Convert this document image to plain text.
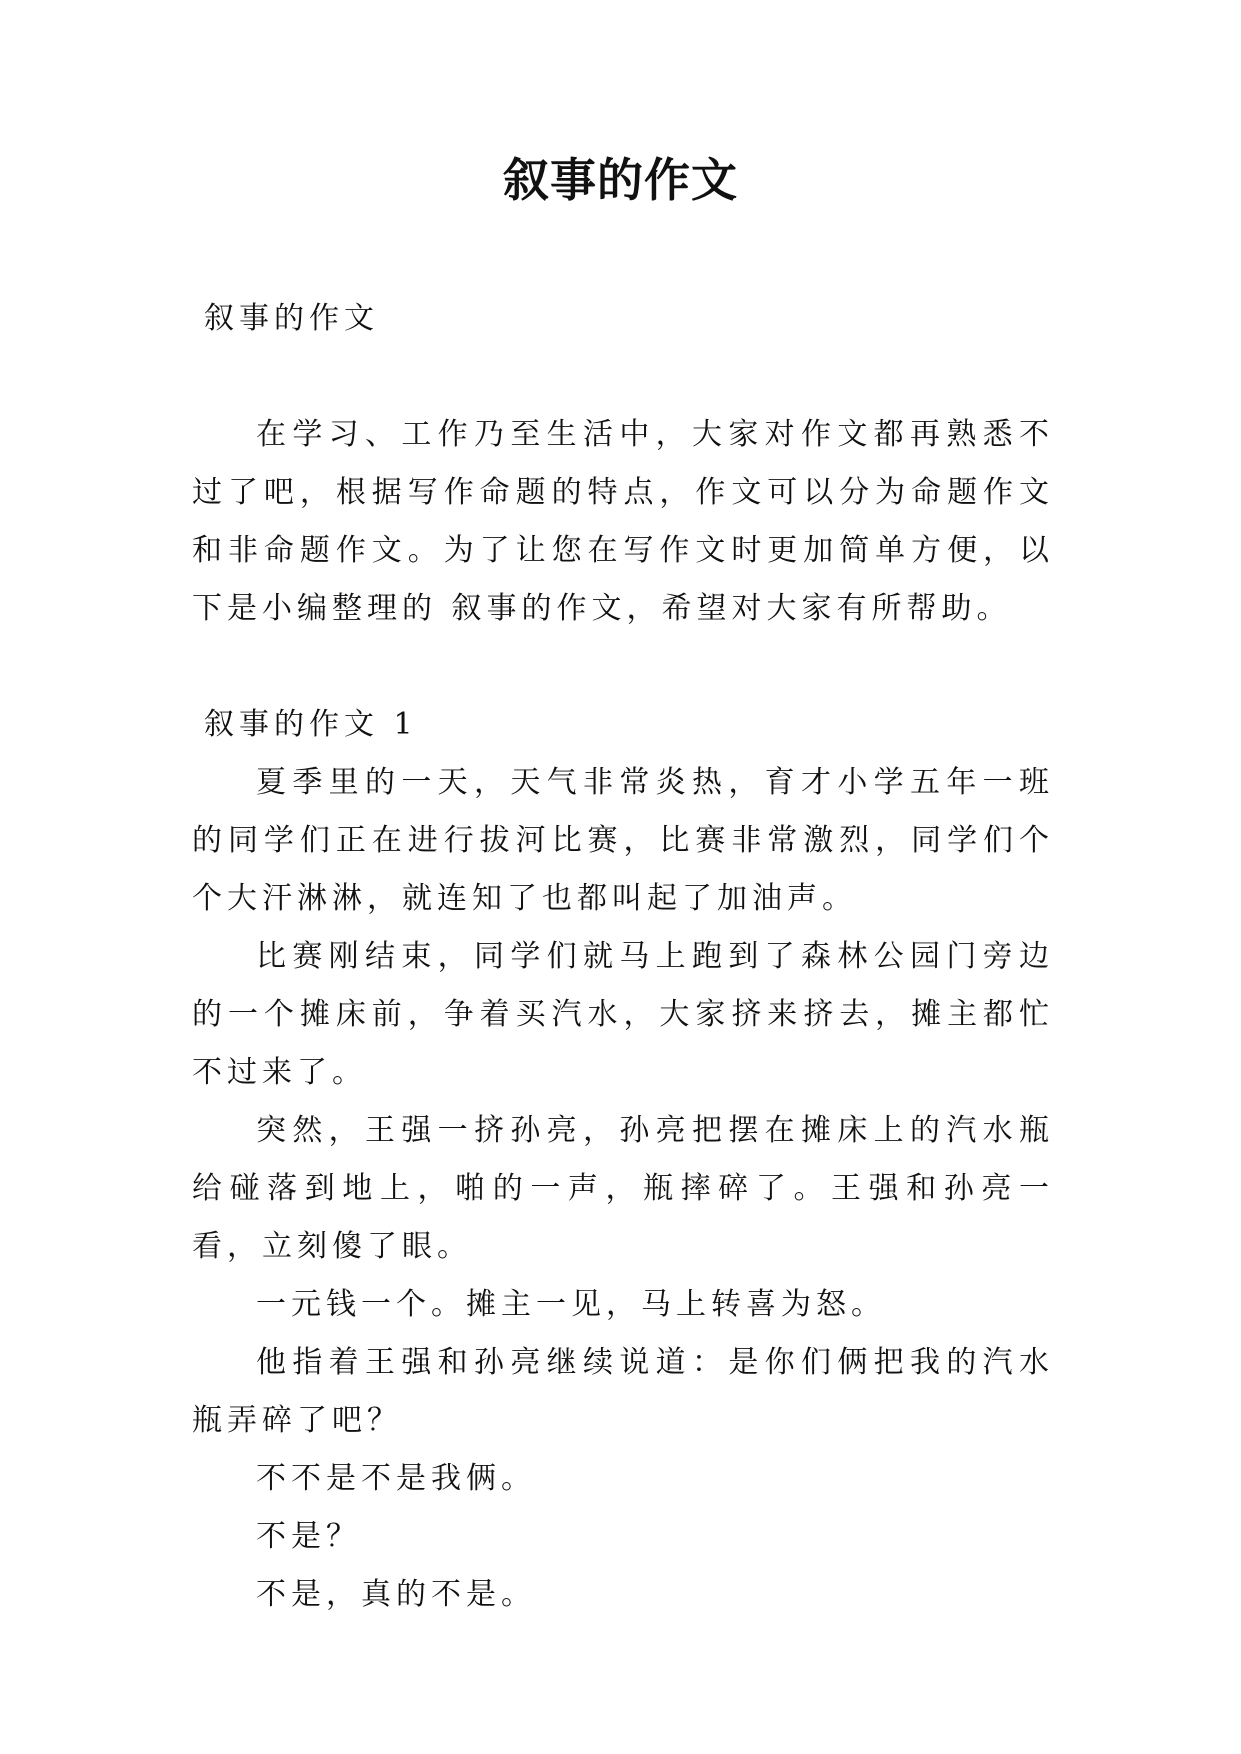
叙事的作文

叙事的作文

在学习、工作乃至生活中，大家对作文都再熟悉不过了吧，根据写作命题的特点，作文可以分为命题作文和非命题作文。为了让您在写作文时更加简单方便，以下是小编整理的 叙事的作文，希望对大家有所帮助。

叙事的作文 1

夏季里的一天，天气非常炎热，育才小学五年一班的同学们正在进行拔河比赛，比赛非常激烈，同学们个个大汗淋淋，就连知了也都叫起了加油声。

比赛刚结束，同学们就马上跑到了森林公园门旁边的一个摊床前，争着买汽水，大家挤来挤去，摊主都忙不过来了。

突然，王强一挤孙亮，孙亮把摆在摊床上的汽水瓶给碰落到地上，啪的一声，瓶摔碎了。王强和孙亮一看，立刻傻了眼。

一元钱一个。摊主一见，马上转喜为怒。

他指着王强和孙亮继续说道：是你们俩把我的汽水瓶弄碎了吧？

不不是不是我俩。

不是？

不是，真的不是。
